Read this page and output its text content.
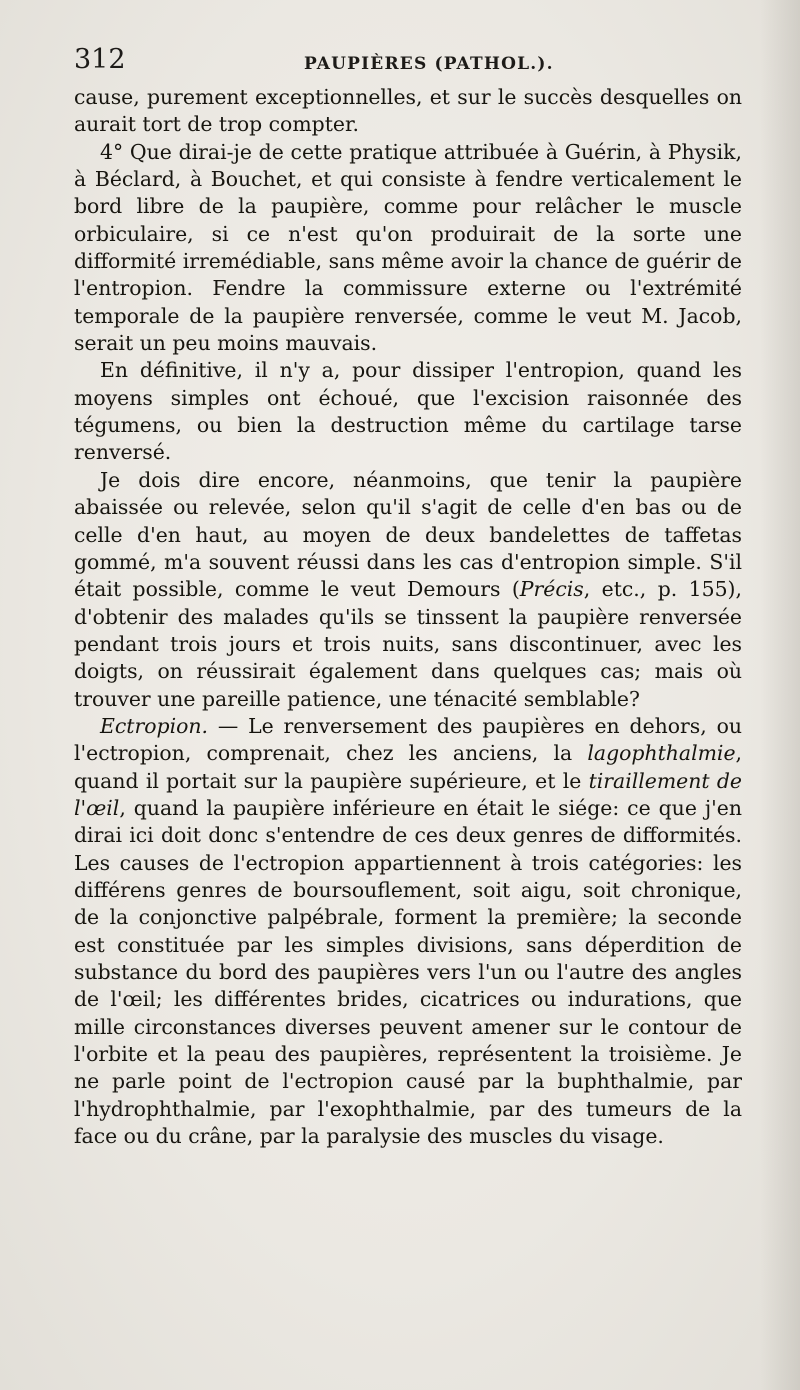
312	PAUPIÈRES (PATHOL.).

cause, purement exceptionnelles, et sur le succès desquelles on aurait tort de trop compter.

4° Que dirai-je de cette pratique attribuée à Guérin, à Physik, à Béclard, à Bouchet, et qui consiste à fendre verticalement le bord libre de la paupière, comme pour relâcher le muscle orbiculaire, si ce n'est qu'on produirait de la sorte une difformité irremédiable, sans même avoir la chance de guérir de l'entropion. Fendre la commissure externe ou l'extrémité temporale de la paupière renversée, comme le veut M. Jacob, serait un peu moins mauvais.

En définitive, il n'y a, pour dissiper l'entropion, quand les moyens simples ont échoué, que l'excision raisonnée des tégumens, ou bien la destruction même du cartilage tarse renversé.

Je dois dire encore, néanmoins, que tenir la paupière abaissée ou relevée, selon qu'il s'agit de celle d'en bas ou de celle d'en haut, au moyen de deux bandelettes de taffetas gommé, m'a souvent réussi dans les cas d'entropion simple. S'il était possible, comme le veut Demours (Précis, etc., p. 155), d'obtenir des malades qu'ils se tinssent la paupière renversée pendant trois jours et trois nuits, sans discontinuer, avec les doigts, on réussirait également dans quelques cas; mais où trouver une pareille patience, une ténacité semblable?

Ectropion. — Le renversement des paupières en dehors, ou l'ectropion, comprenait, chez les anciens, la lagophthalmie, quand il portait sur la paupière supérieure, et le tiraillement de l'œil, quand la paupière inférieure en était le siége: ce que j'en dirai ici doit donc s'entendre de ces deux genres de difformités. Les causes de l'ectropion appartiennent à trois catégories: les différens genres de boursouflement, soit aigu, soit chronique, de la conjonctive palpébrale, forment la première; la seconde est constituée par les simples divisions, sans déperdition de substance du bord des paupières vers l'un ou l'autre des angles de l'œil; les différentes brides, cicatrices ou indurations, que mille circonstances diverses peuvent amener sur le contour de l'orbite et la peau des paupières, représentent la troisième. Je ne parle point de l'ectropion causé par la buphthalmie, par l'hydrophthalmie, par l'exophthalmie, par des tumeurs de la face ou du crâne, par la paralysie des muscles du visage.
